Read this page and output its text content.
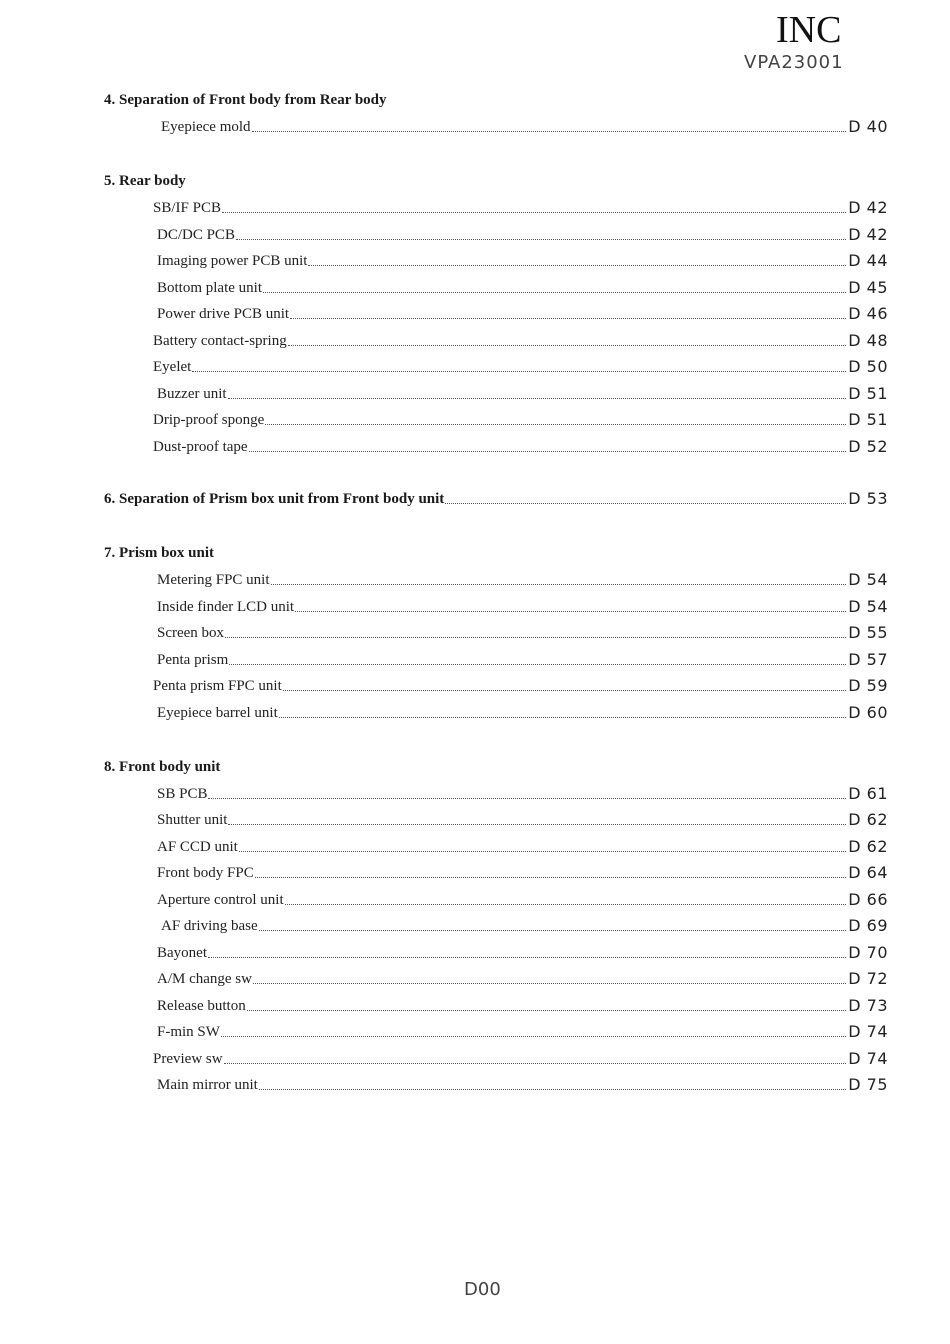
INC
VPA23001
4. Separation of Front body from Rear body
Eyepiece mold	D 40
5. Rear body
SB/IF PCB	D 42
DC/DC PCB	D 42
Imaging power PCB unit	D 44
Bottom plate unit	D 45
Power drive PCB unit	D 46
Battery contact-spring	D 48
Eyelet	D 50
Buzzer unit	D 51
Drip-proof sponge	D 51
Dust-proof tape	D 52
6. Separation of Prism box unit from Front body unit	D 53
7. Prism box unit
Metering FPC unit	D 54
Inside finder LCD unit	D 54
Screen box	D 55
Penta prism	D 57
Penta prism FPC unit	D 59
Eyepiece barrel unit	D 60
8. Front body unit
SB PCB	D 61
Shutter unit	D 62
AF CCD unit	D 62
Front body FPC	D 64
Aperture control unit	D 66
AF driving base	D 69
Bayonet	D 70
A/M change sw	D 72
Release button	D 73
F-min SW	D 74
Preview sw	D 74
Main mirror unit	D 75
D00
